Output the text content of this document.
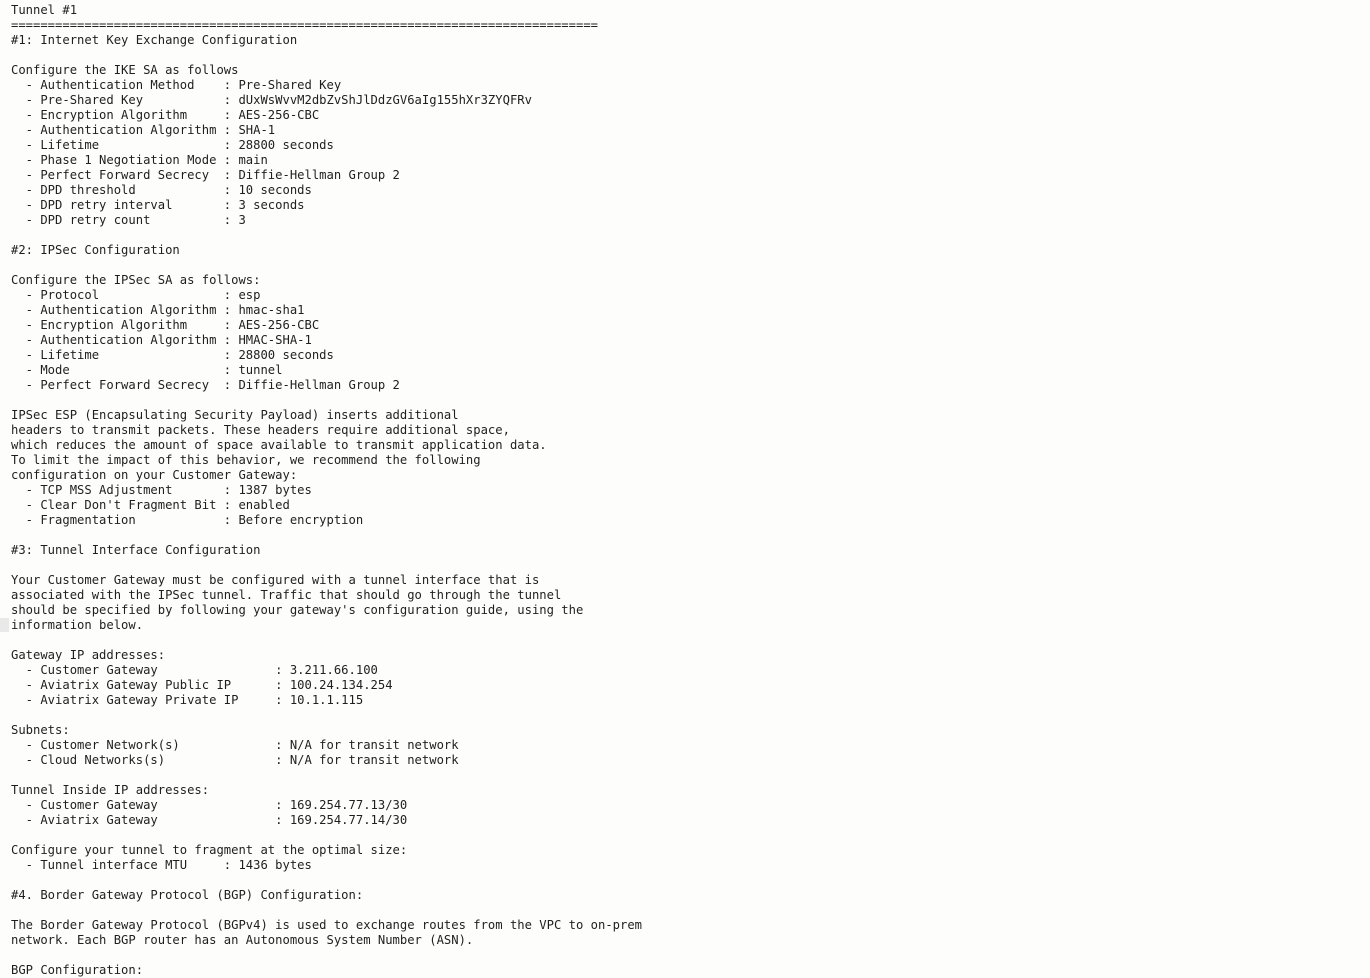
Tunnel #1
================================================================================
#1: Internet Key Exchange Configuration

Configure the IKE SA as follows
- Authentication Method    : Pre-Shared Key
- Pre-Shared Key           : dUxWsWvvM2dbZvShJlDdzGV6aIg155hXr3ZYQFRv
- Encryption Algorithm     : AES-256-CBC
- Authentication Algorithm : SHA-1
- Lifetime                 : 28800 seconds
- Phase 1 Negotiation Mode : main
- Perfect Forward Secrecy  : Diffie-Hellman Group 2
- DPD threshold            : 10 seconds
- DPD retry interval       : 3 seconds
- DPD retry count          : 3

#2: IPSec Configuration

Configure the IPSec SA as follows:
- Protocol                 : esp
- Authentication Algorithm : hmac-sha1
- Encryption Algorithm     : AES-256-CBC
- Authentication Algorithm : HMAC-SHA-1
- Lifetime                 : 28800 seconds
- Mode                     : tunnel
- Perfect Forward Secrecy  : Diffie-Hellman Group 2

IPSec ESP (Encapsulating Security Payload) inserts additional
headers to transmit packets. These headers require additional space,
which reduces the amount of space available to transmit application data.
To limit the impact of this behavior, we recommend the following
configuration on your Customer Gateway:
- TCP MSS Adjustment       : 1387 bytes
- Clear Don't Fragment Bit : enabled
- Fragmentation            : Before encryption

#3: Tunnel Interface Configuration

Your Customer Gateway must be configured with a tunnel interface that is
associated with the IPSec tunnel. Traffic that should go through the tunnel
should be specified by following your gateway's configuration guide, using the
information below.

Gateway IP addresses:
- Customer Gateway                : 3.211.66.100
- Aviatrix Gateway Public IP      : 100.24.134.254
- Aviatrix Gateway Private IP     : 10.1.1.115

Subnets:
- Customer Network(s)             : N/A for transit network
- Cloud Networks(s)               : N/A for transit network

Tunnel Inside IP addresses:
- Customer Gateway                : 169.254.77.13/30
- Aviatrix Gateway                : 169.254.77.14/30

Configure your tunnel to fragment at the optimal size:
- Tunnel interface MTU     : 1436 bytes

#4. Border Gateway Protocol (BGP) Configuration:

The Border Gateway Protocol (BGPv4) is used to exchange routes from the VPC to on-prem
network. Each BGP router has an Autonomous System Number (ASN).

BGP Configuration:
